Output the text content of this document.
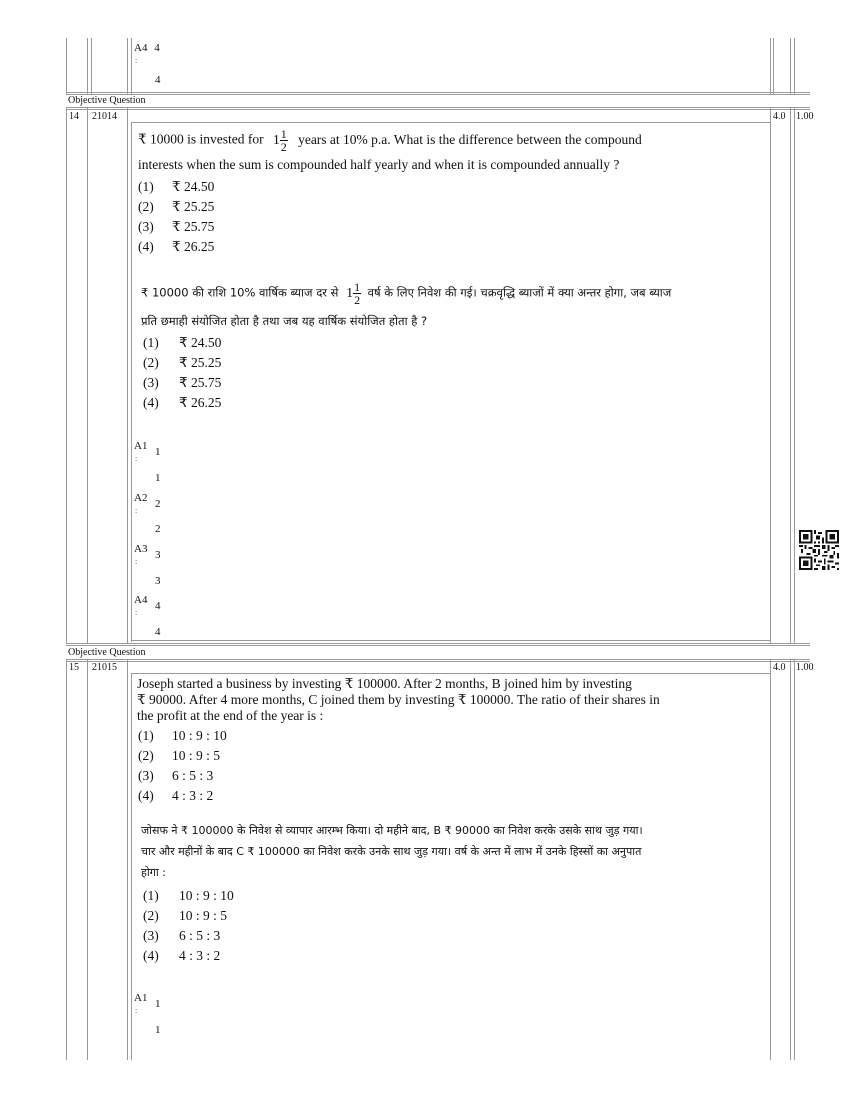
A4 4
:
4
Objective Question
14 21014	4.0 1.00
₹ 10000 is invested for $1 \frac{1}{2}$ years at 10% p.a. What is the difference between the compound
interests when the sum is compounded half yearly and when it is compounded annually ?
(1) ₹ 24.50
(2) ₹ 25.25
(3) ₹ 25.75
(4) ₹ 26.25
₹ 10000 की राशि 10% वार्षिक ब्याज दर से $1 \frac{1}{2}$ वर्ष के लिए निवेश की गई। चक्रवृद्धि ब्याजों में क्या अन्तर होगा, जब ब्याज
प्रति छमाही संयोजित होता है तथा जब यह वार्षिक संयोजित होता है ?
(1) ₹ 24.50
(2) ₹ 25.25
(3) ₹ 25.75
(4) ₹ 26.25
A1 1
:
1
A2 2
:
2
A3 3
:
3
A4 4
:
4
Objective Question
15 21015	4.0 1.00
Joseph started a business by investing ₹ 100000. After 2 months, B joined him by investing
₹ 90000. After 4 more months, C joined them by investing ₹ 100000. The ratio of their shares in
the profit at the end of the year is :
(1) 10 : 9 : 10
(2) 10 : 9 : 5
(3) 6 : 5 : 3
(4) 4 : 3 : 2
जोसफ ने ₹ 100000 के निवेश से व्यापार आरम्भ किया। दो महीने बाद, B ₹ 90000 का निवेश करके उसके साथ जुड़ गया।
चार और महीनों के बाद C ₹ 100000 का निवेश करके उनके साथ जुड़ गया। वर्ष के अन्त में लाभ में उनके हिस्सों का अनुपात
होगा :
(1) 10 : 9 : 10
(2) 10 : 9 : 5
(3) 6 : 5 : 3
(4) 4 : 3 : 2
A1 1
:
1
